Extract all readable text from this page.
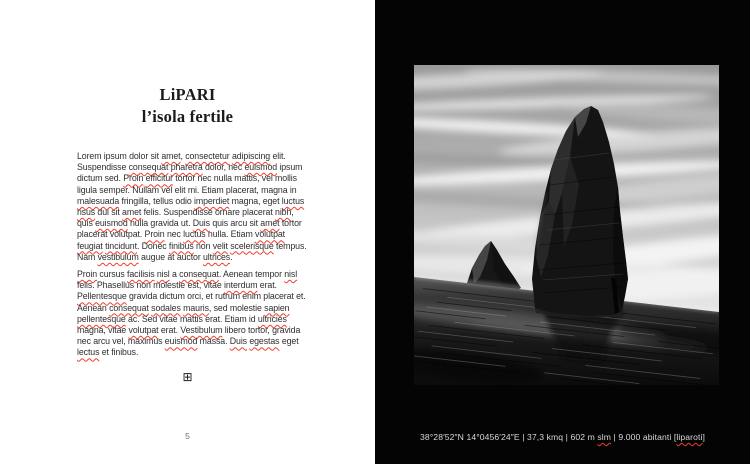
LiPARI
l’isola fertile

Lorem ipsum dolor sit amet, consectetur adipiscing elit. Suspendisse consequat pharetra dolor, nec euismod ipsum dictum sed. Proin efficitur tortor nec nulla mattis, vel mollis ligula semper. Nullam vel elit mi. Etiam placerat, magna in malesuada fringilla, tellus odio imperdiet magna, eget luctus risus dui sit amet felis. Suspendisse ornare placerat nibh, quis euismod nulla gravida ut. Duis quis arcu sit amet tortor placerat volutpat. Proin nec luctus nulla. Etiam volutpat feugiat tincidunt. Donec finibus non velit scelerisque tempus. Nam vestibulum augue at auctor ultrices.

Proin cursus facilisis nisl a consequat. Aenean tempor nisl felis. Phasellus non molestie est, vitae interdum erat. Pellentesque gravida dictum orci, et rutrum enim placerat et. Aenean consequat sodales mauris, sed molestie sapien pellentesque ac. Sed vitae mattis erat. Etiam id ultricies magna, vitae volutpat erat. Vestibulum libero tortor, gravida nec arcu vel, maximus euismod massa. Duis egestas eget lectus et finibus.

⊞
5	38°28′52″N 14°0456′24″E | 37,3 kmq | 602 m slm | 9.000 abitanti [liparoti]
